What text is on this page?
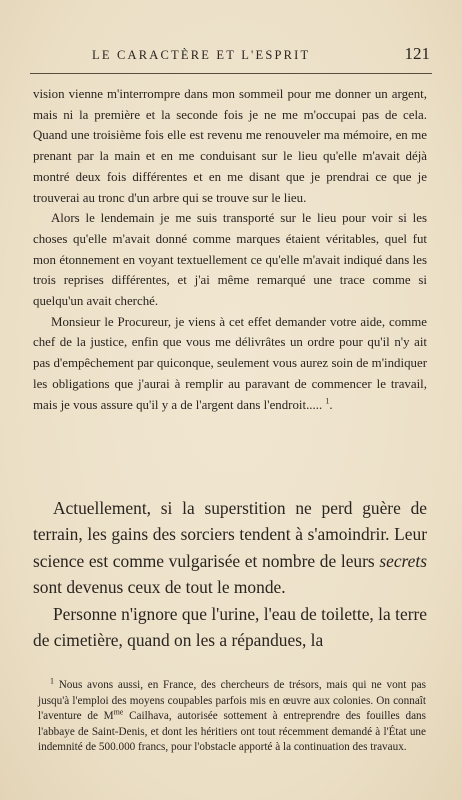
LE CARACTÈRE ET L'ESPRIT	121

vision vienne m'interrompre dans mon sommeil pour me donner un argent, mais ni la première et la seconde fois je ne me m'occupai pas de cela. Quand une troisième fois elle est revenu me renouveler ma mémoire, en me prenant par la main et en me conduisant sur le lieu qu'elle m'avait déjà montré deux fois différentes et en me disant que je prendrai ce que je trouverai au tronc d'un arbre qui se trouve sur le lieu.

Alors le lendemain je me suis transporté sur le lieu pour voir si les choses qu'elle m'avait donné comme marques étaient véritables, quel fut mon étonnement en voyant textuellement ce qu'elle m'avait indiqué dans les trois reprises différentes, et j'ai même remarqué une trace comme si quelqu'un avait cherché.

Monsieur le Procureur, je viens à cet effet demander votre aide, comme chef de la justice, enfin que vous me délivrâtes un ordre pour qu'il n'y ait pas d'empêchement par quiconque, seulement vous aurez soin de m'indiquer les obligations que j'aurai à remplir au paravant de commencer le travail, mais je vous assure qu'il y a de l'argent dans l'endroit..... $^1$.

Actuellement, si la superstition ne perd guère de terrain, les gains des sorciers tendent à s'amoindrir. Leur science est comme vulgarisée et nombre de leurs secrets sont devenus ceux de tout le monde.

Personne n'ignore que l'urine, l'eau de toilette, la terre de cimetière, quand on les a répandues, la

$^1$ Nous avons aussi, en France, des chercheurs de trésors, mais qui ne vont pas jusqu'à l'emploi des moyens coupables parfois mis en œuvre aux colonies. On connaît l'aventure de $M^{me}$ Cailhava, autorisée sottement à entreprendre des fouilles dans l'abbaye de Saint-Denis, et dont les héritiers ont tout récemment demandé à l'État une indemnité de 500.000 francs, pour l'obstacle apporté à la continuation des travaux.
